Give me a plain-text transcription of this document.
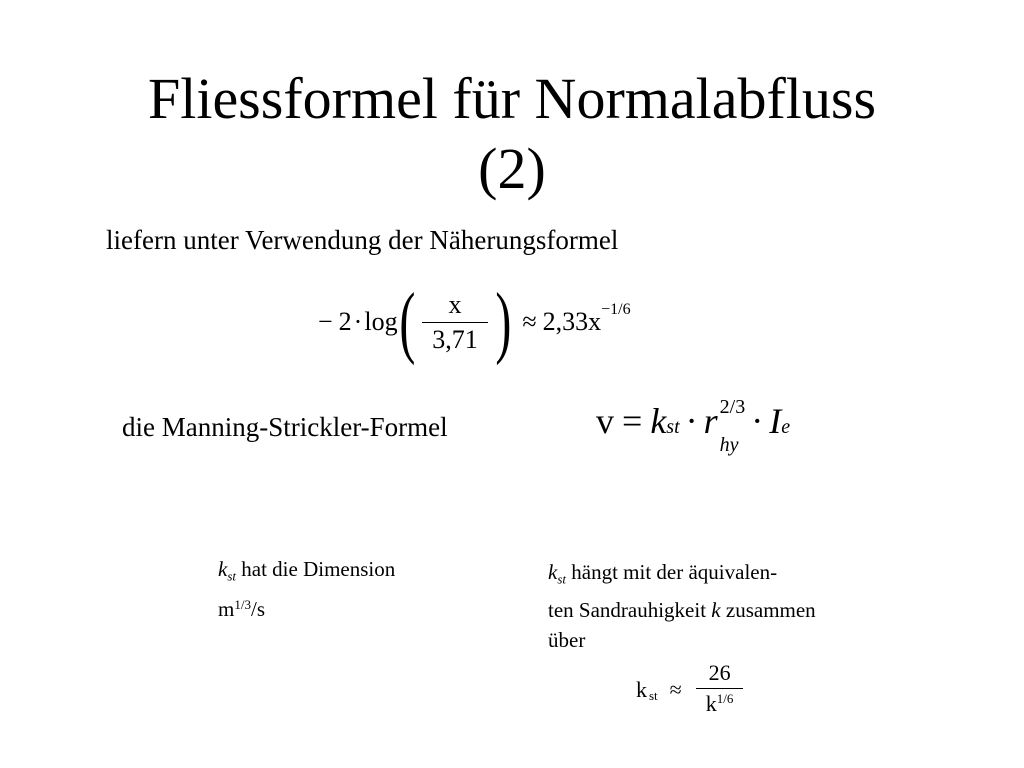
Fliessformel für Normalabfluss
(2)
liefern unter Verwendung der Näherungsformel
− 2 · log ( $\frac{x}{3,71}$ ) ≈ 2,33x −1/6
die Manning-Strickler-Formel	v = k st · r 2/3
hy
· I e
$k_{st}$ hat die Dimension
$m^{1/3}/s$
$k_{st}$ hängt mit der äquivalen-
ten Sandrauhigkeit k zusammen
über
k st ≈ $\frac{26}{k^{1/6}}$
